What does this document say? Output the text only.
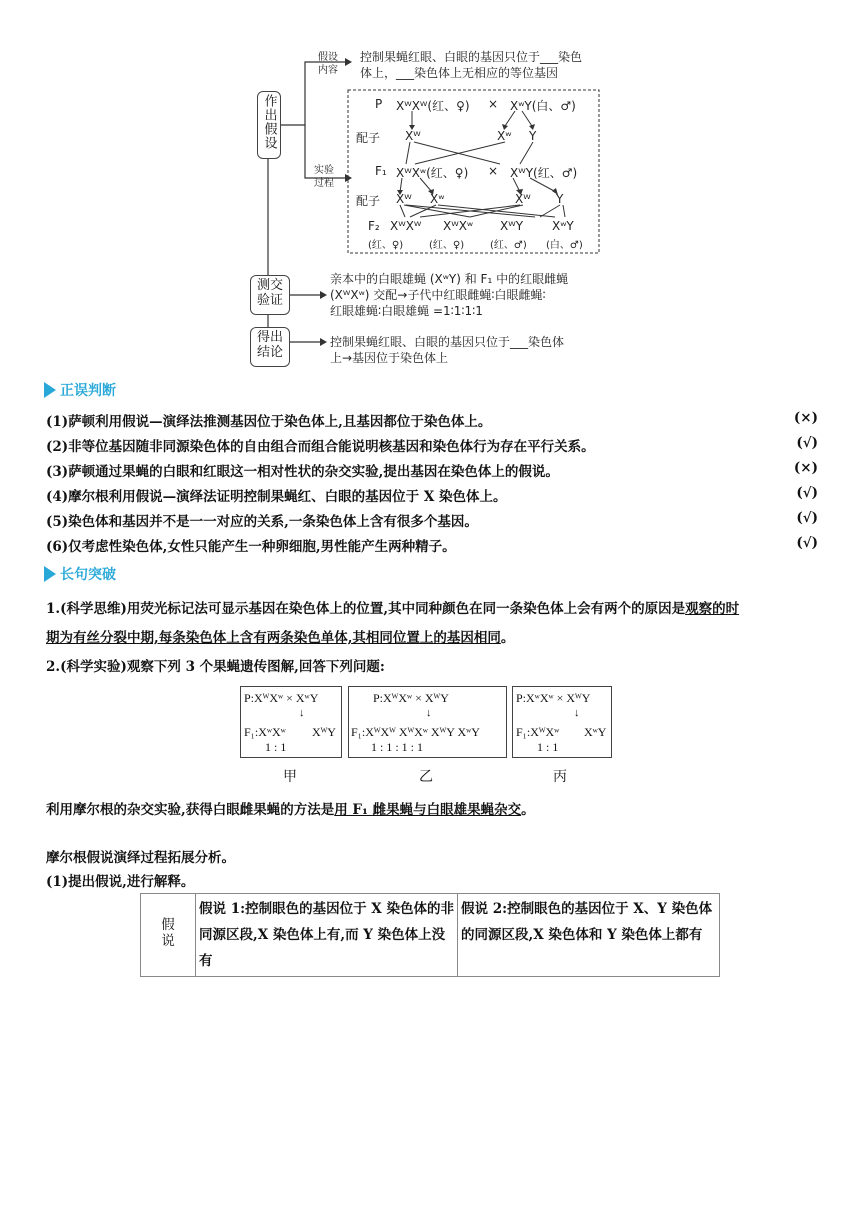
作出假设
测交验证
得出结论
假设内容
控制果蝇红眼、白眼的基因只位于___染色
体上，___染色体上无相应的等位基因
实验过程
P XᵂXᵂ(红、♀) × XʷY(白、♂)
配子 Xᵂ	Xʷ Y
F₁ XᵂXʷ(红、♀) × XᵂY(红、♂)
配子 Xᵂ Xʷ	Xᵂ Y
F₂ XᵂXᵂ XᵂXʷ XᵂY XʷY
(红、♀)	(红、♀)	(红、♂) (白、♂)
亲本中的白眼雄蝇 (XʷY) 和 F₁ 中的红眼雌蝇
(XᵂXʷ) 交配→子代中红眼雌蝇∶白眼雌蝇∶
红眼雄蝇∶白眼雄蝇 =1∶1∶1∶1
控制果蝇红眼、白眼的基因只位于___染色体
上→基因位于染色体上
正误判断
(1)萨顿利用假说—演绎法推测基因位于染色体上,且基因都位于染色体上。	(×)
(2)非等位基因随非同源染色体的自由组合而组合能说明核基因和染色体行为存在平行关系。	(√)
(3)萨顿通过果蝇的白眼和红眼这一相对性状的杂交实验,提出基因在染色体上的假说。	(×)
(4)摩尔根利用假说—演绎法证明控制果蝇红、白眼的基因位于 X 染色体上。	(√)
(5)染色体和基因并不是一一对应的关系,一条染色体上含有很多个基因。	(√)
(6)仅考虑性染色体,女性只能产生一种卵细胞,男性能产生两种精子。	(√)
长句突破
1.(科学思维)用荧光标记法可显示基因在染色体上的位置,其中同种颜色在同一条染色体上会有两个的原因是观察的时
期为有丝分裂中期,每条染色体上含有两条染色单体,其相同位置上的基因相同。
2.(科学实验)观察下列 3 个果蝇遗传图解,回答下列问题:
P:XᵂXʷ × XʷY
↓
F₁:XʷXʷ XᵂY
1 : 1
P:XᵂXʷ × XᵂY
↓
F₁:XᵂXᵂ XᵂXʷ XᵂY XʷY
1 : 1 : 1 : 1
P:XʷXʷ × XᵂY
↓
F₁:XᵂXʷ XʷY
1 : 1
甲	乙	丙
利用摩尔根的杂交实验,获得白眼雌果蝇的方法是用 F₁ 雌果蝇与白眼雄果蝇杂交。
摩尔根假说演绎过程拓展分析。
(1)提出假说,进行解释。
假说	假说 1:控制眼色的基因位于 X 染色体的非同源区段,X 染色体上有,而 Y 染色体上没有	假说 2:控制眼色的基因位于 X、Y 染色体的同源区段,X 染色体和 Y 染色体上都有
